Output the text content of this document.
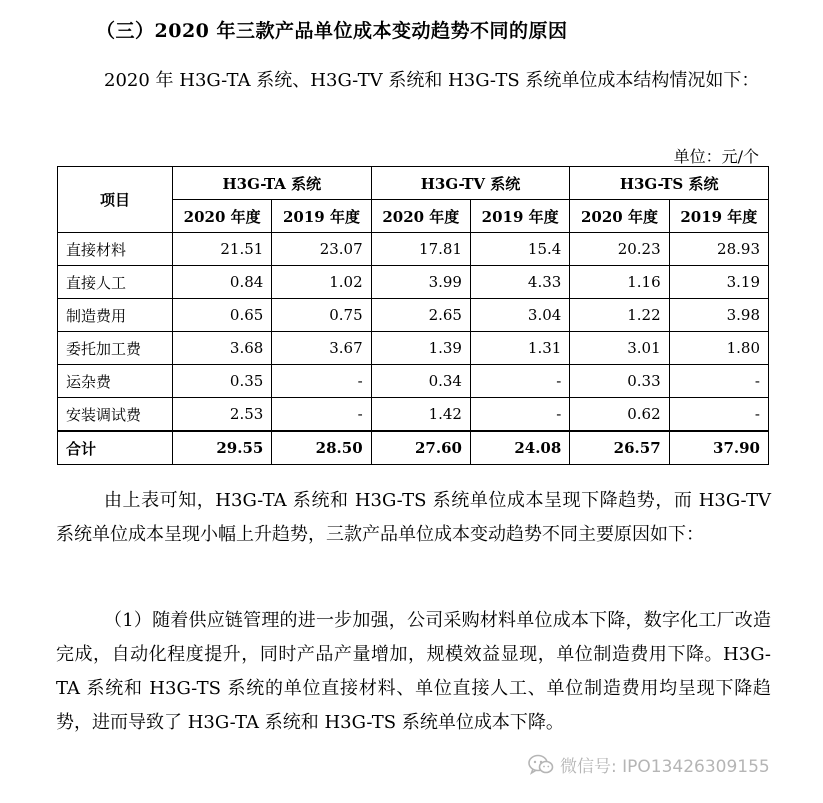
（三）2020 年三款产品单位成本变动趋势不同的原因
2020 年 H3G-TA 系统、H3G-TV 系统和 H3G-TS 系统单位成本结构情况如下：
单位：元/个
项目	H3G-TA 系统		H3G-TV 系统		H3G-TS 系统	
	2020 年度	2019 年度	2020 年度	2019 年度	2020 年度	2019 年度
直接材料	21.51	23.07	17.81	15.4	20.23	28.93
直接人工	0.84	1.02	3.99	4.33	1.16	3.19
制造费用	0.65	0.75	2.65	3.04	1.22	3.98
委托加工费	3.68	3.67	1.39	1.31	3.01	1.80
运杂费	0.35	-	0.34	-	0.33	-
安装调试费	2.53	-	1.42	-	0.62	-
合计	29.55	28.50	27.60	24.08	26.57	37.90
由上表可知，H3G-TA 系统和 H3G-TS 系统单位成本呈现下降趋势，而 H3G-TV 系统单位成本呈现小幅上升趋势，三款产品单位成本变动趋势不同主要原因如下：
（1）随着供应链管理的进一步加强，公司采购材料单位成本下降，数字化工厂改造完成，自动化程度提升，同时产品产量增加，规模效益显现，单位制造费用下降。H3G-TA 系统和 H3G-TS 系统的单位直接材料、单位直接人工、单位制造费用均呈现下降趋势，进而导致了 H3G-TA 系统和 H3G-TS 系统单位成本下降。
微信号: IPO13426309155
